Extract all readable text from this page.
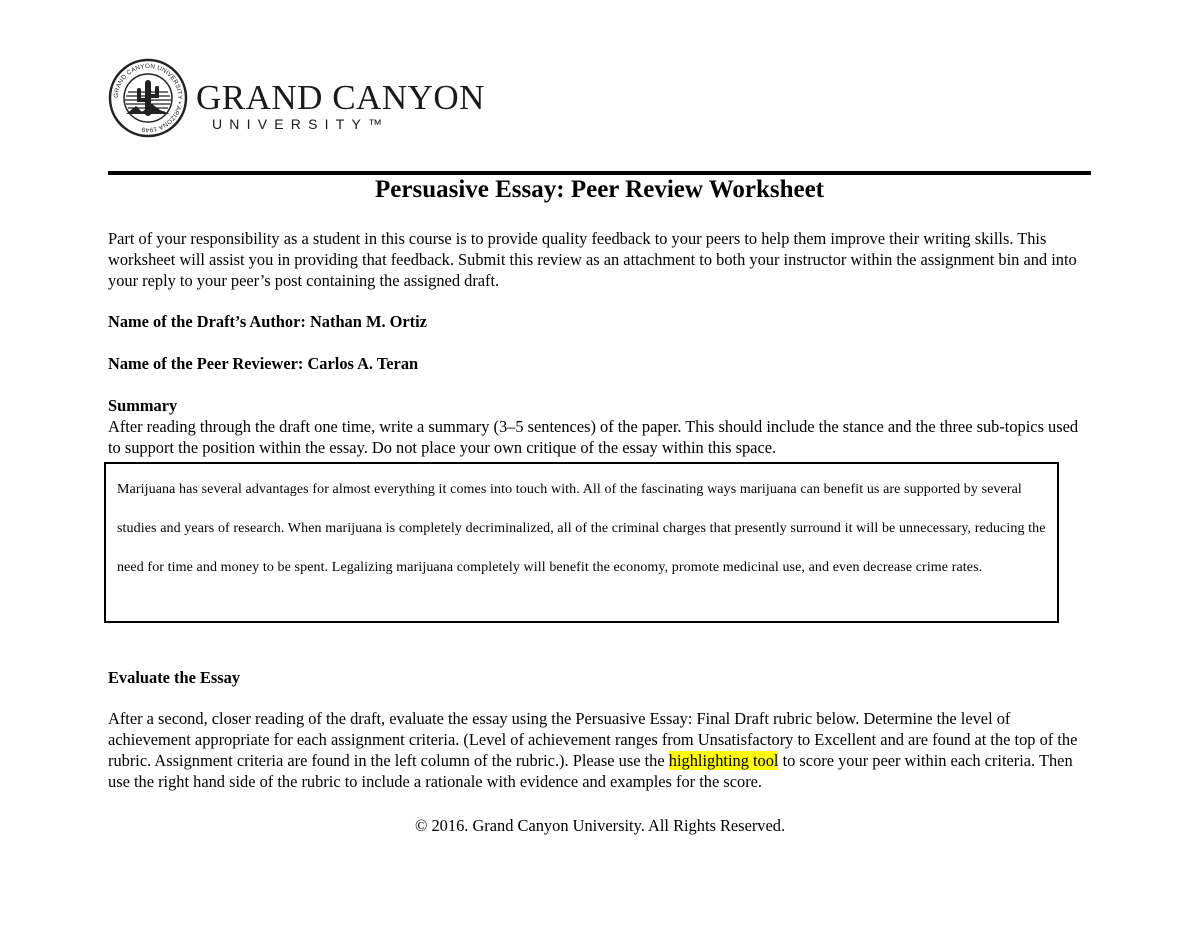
GRAND CANYON UNIVERSITY • ARIZONA 1949
GRAND CANYON
UNIVERSITY™
Persuasive Essay: Peer Review Worksheet

Part of your responsibility as a student in this course is to provide quality feedback to your peers to help them improve their writing skills. This worksheet will assist you in providing that feedback. Submit this review as an attachment to both your instructor within the assignment bin and into your reply to your peer’s post containing the assigned draft.

Name of the Draft’s Author: Nathan M. Ortiz

Name of the Peer Reviewer: Carlos A. Teran

Summary

After reading through the draft one time, write a summary (3–5 sentences) of the paper. This should include the stance and the three sub-topics used to support the position within the essay. Do not place your own critique of the essay within this space.

Marijuana has several advantages for almost everything it comes into touch with. All of the fascinating ways marijuana can benefit us are supported by several studies and years of research. When marijuana is completely decriminalized, all of the criminal charges that presently surround it will be unnecessary, reducing the need for time and money to be spent. Legalizing marijuana completely will benefit the economy, promote medicinal use, and even decrease crime rates.

Evaluate the Essay

After a second, closer reading of the draft, evaluate the essay using the Persuasive Essay: Final Draft rubric below. Determine the level of achievement appropriate for each assignment criteria. (Level of achievement ranges from Unsatisfactory to Excellent and are found at the top of the rubric. Assignment criteria are found in the left column of the rubric.). Please use the highlighting tool to score your peer within each criteria. Then use the right hand side of the rubric to include a rationale with evidence and examples for the score.

© 2016. Grand Canyon University. All Rights Reserved.
